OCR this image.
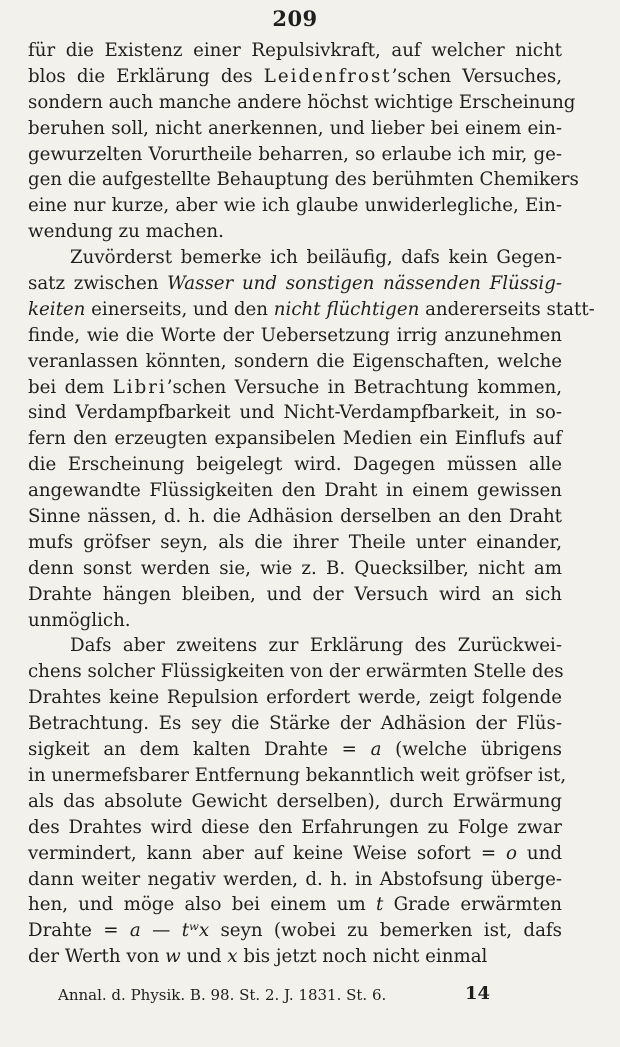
209
für die Existenz einer Repulsivkraft, auf welcher nicht
blos die Erklärung des Leidenfrost’schen Versuches,
sondern auch manche andere höchst wichtige Erscheinung
beruhen soll, nicht anerkennen, und lieber bei einem ein-
gewurzelten Vorurtheile beharren, so erlaube ich mir, ge-
gen die aufgestellte Behauptung des berühmten Chemikers
eine nur kurze, aber wie ich glaube unwiderlegliche, Ein-
wendung zu machen.
Zuvörderst bemerke ich beiläufig, dafs kein Gegen-
satz zwischen Wasser und sonstigen nässenden Flüssig-
keiten einerseits, und den nicht flüchtigen andererseits statt-
finde, wie die Worte der Uebersetzung irrig anzunehmen
veranlassen könnten, sondern die Eigenschaften, welche
bei dem Libri’schen Versuche in Betrachtung kommen,
sind Verdampfbarkeit und Nicht-Verdampfbarkeit, in so-
fern den erzeugten expansibelen Medien ein Einflufs auf
die Erscheinung beigelegt wird. Dagegen müssen alle
angewandte Flüssigkeiten den Draht in einem gewissen
Sinne nässen, d. h. die Adhäsion derselben an den Draht
mufs gröfser seyn, als die ihrer Theile unter einander,
denn sonst werden sie, wie z. B. Quecksilber, nicht am
Drahte hängen bleiben, und der Versuch wird an sich
unmöglich.
Dafs aber zweitens zur Erklärung des Zurückwei-
chens solcher Flüssigkeiten von der erwärmten Stelle des
Drahtes keine Repulsion erfordert werde, zeigt folgende
Betrachtung. Es sey die Stärke der Adhäsion der Flüs-
sigkeit an dem kalten Drahte = a (welche übrigens
in unermefsbarer Entfernung bekanntlich weit gröfser ist,
als das absolute Gewicht derselben), durch Erwärmung
des Drahtes wird diese den Erfahrungen zu Folge zwar
vermindert, kann aber auf keine Weise sofort = o und
dann weiter negativ werden, d. h. in Abstofsung überge-
hen, und möge also bei einem um t Grade erwärmten
Drahte = a — tʷx seyn (wobei zu bemerken ist, dafs
der Werth von w und x bis jetzt noch nicht einmal
Annal. d. Physik. B. 98. St. 2. J. 1831. St. 6.	14
